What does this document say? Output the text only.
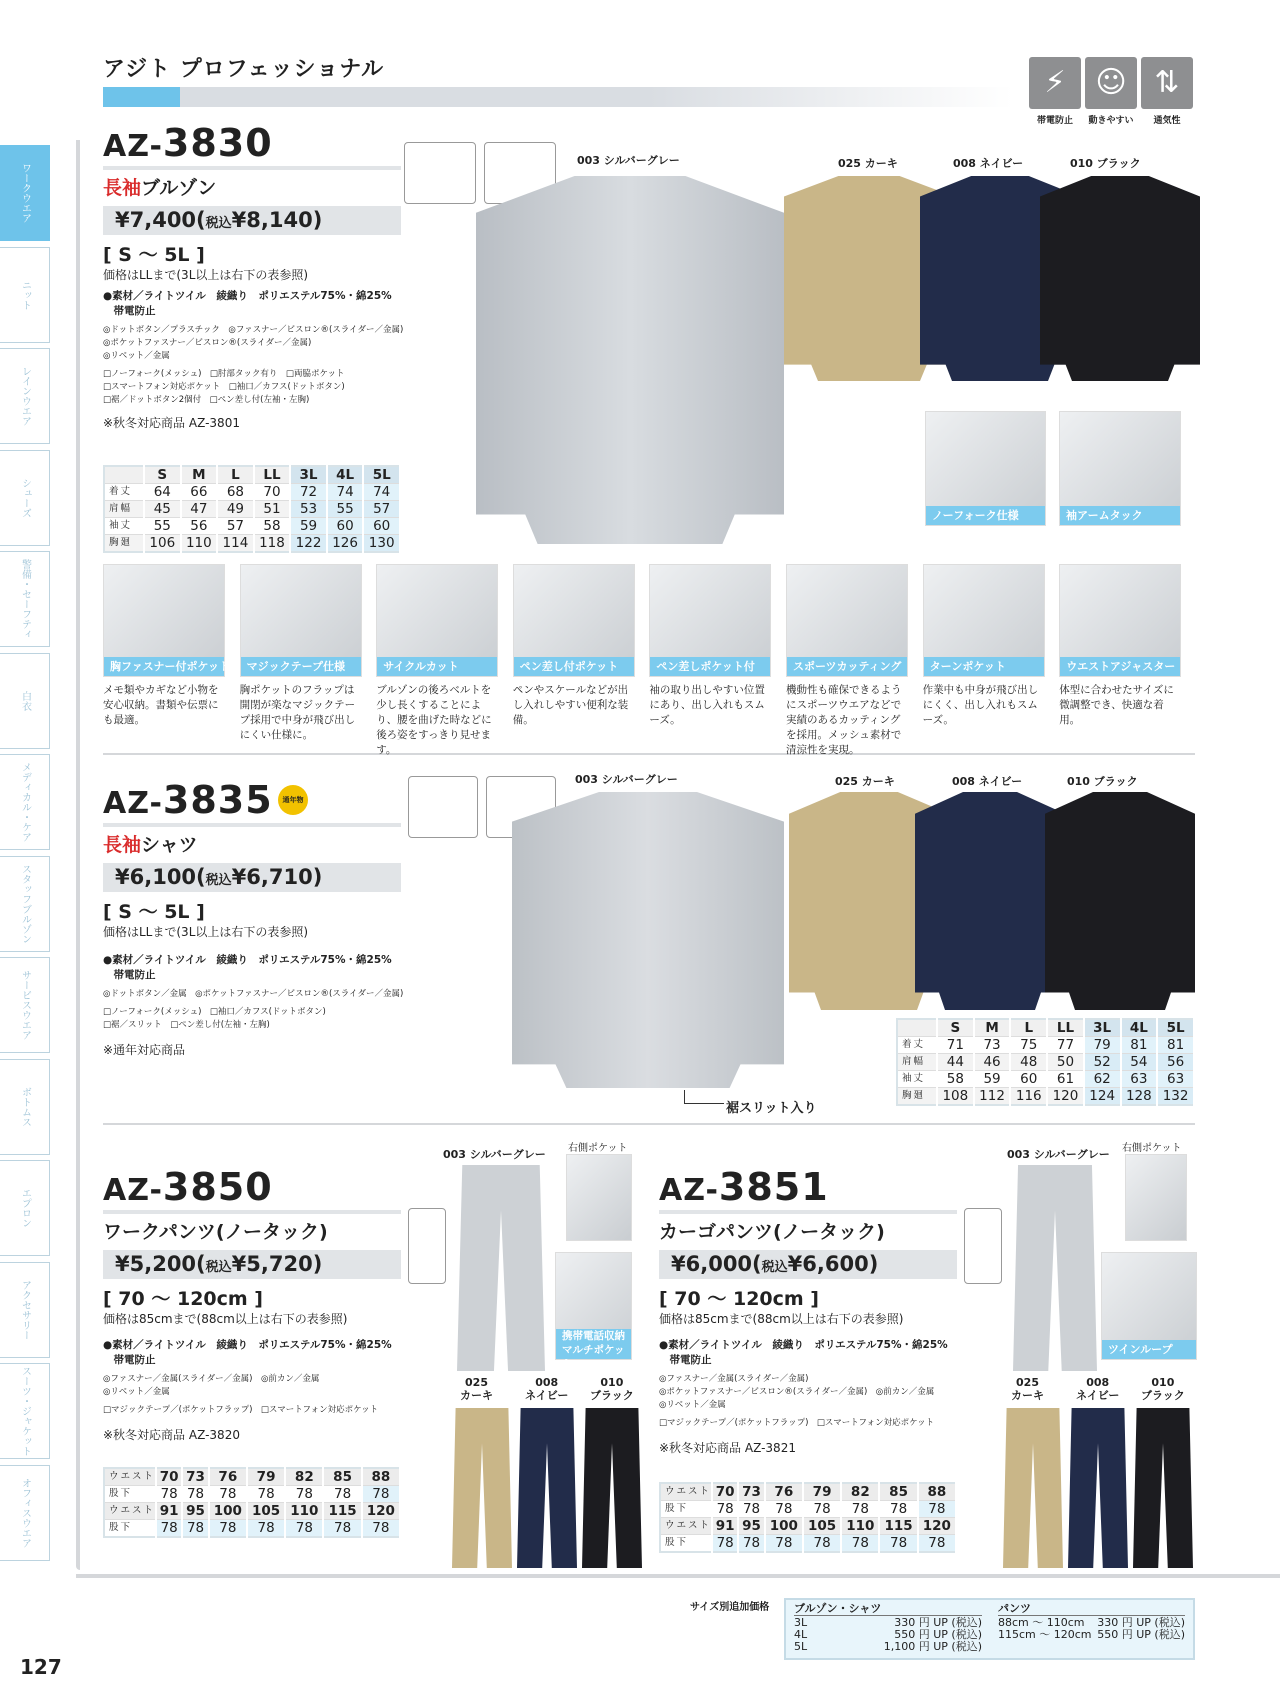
アジト プロフェッショナル	⚡
帯電防止
☺
動きやすい
⇅
通気性
ワークウエア
ニット
レインウエア
シューズ
警備・セーフティ
白衣
メディカル・ケア
スタッフブルゾン
サービスウエア
ボトムス
エプロン
アクセサリー
スーツ・ジャケット
オフィスウエア
AZ-3830
長袖ブルゾン
¥7,400(税込¥8,140)
[ S ～ 5L ]
価格はLLまで(3L以上は右下の表参照)
●素材／ライトツイル　綾織り　ポリエステル75%・綿25%
　帯電防止
◎ドットボタン／プラスチック　◎ファスナー／ビスロン®(スライダー／金属)
◎ポケットファスナー／ビスロン®(スライダー／金属)
◎リベット／金属
□ノーフォーク(メッシュ)　□肘部タック有り　□両脇ポケット
□スマートフォン対応ポケット　□袖口／カフス(ドットボタン)
□裾／ドットボタン2個付　□ペン差し付(左袖・左胸)
※秋冬対応商品 AZ-3801
	S	M	L	LL	3L	4L	5L
着丈	64	66	68	70	72	74	74
肩幅	45	47	49	51	53	55	57
袖丈	55	56	57	58	59	60	60
胸廻	106	110	114	118	122	126	130
003 シルバーグレー	025 カーキ	008 ネイビー	010 ブラック
ノーフォーク仕様	袖アームタック
胸ファスナー付ポケット
メモ類やカギなど小物を安心収納。書類や伝票にも最適。
マジックテープ仕様
胸ポケットのフラップは開閉が楽なマジックテープ採用で中身が飛び出しにくい仕様に。
サイクルカット
ブルゾンの後ろベルトを少し長くすることにより、腰を曲げた時などに後ろ姿をすっきり見せます。
ペン差し付ポケット
ペンやスケールなどが出し入れしやすい便利な装備。
ペン差しポケット付
袖の取り出しやすい位置にあり、出し入れもスムーズ。
スポーツカッティング
機動性も確保できるようにスポーツウエアなどで実績のあるカッティングを採用。メッシュ素材で清涼性を実現。
ターンポケット
作業中も中身が飛び出しにくく、出し入れもスムーズ。
ウエストアジャスター
体型に合わせたサイズに微調整でき、快適な着用。
AZ-3835
長袖シャツ
¥6,100(税込¥6,710)
[ S ～ 5L ]
価格はLLまで(3L以上は右下の表参照)
●素材／ライトツイル　綾織り　ポリエステル75%・綿25%
　帯電防止
◎ドットボタン／金属　◎ポケットファスナー／ビスロン®(スライダー／金属)
□ノーフォーク(メッシュ)　□袖口／カフス(ドットボタン)
□裾／スリット　□ペン差し付(左袖・左胸)
※通年対応商品
通年物
003 シルバーグレー
裾スリット入り
025 カーキ	008 ネイビー	010 ブラック
	S	M	L	LL	3L	4L	5L
着丈	71	73	75	77	79	81	81
肩幅	44	46	48	50	52	54	56
袖丈	58	59	60	61	62	63	63
胸廻	108	112	116	120	124	128	132
AZ-3850
ワークパンツ(ノータック)
¥5,200(税込¥5,720)
[ 70 ～ 120cm ]
価格は85cmまで(88cm以上は右下の表参照)
●素材／ライトツイル　綾織り　ポリエステル75%・綿25%
　帯電防止
◎ファスナー／金属(スライダー／金属)　◎前カン／金属
◎リベット／金属
□マジックテープ／(ポケットフラップ)　□スマートフォン対応ポケット
※秋冬対応商品 AZ-3820
ウエスト	70	73	76	79	82	85	88
股下	78	78	78	78	78	78	78
ウエスト	91	95	100	105	110	115	120
股下	78	78	78	78	78	78	78
003 シルバーグレー 右側ポケット
携帯電話収納マルチポケット
025
カーキ
008
ネイビー
010
ブラック
AZ-3851
カーゴパンツ(ノータック)
¥6,000(税込¥6,600)
[ 70 ～ 120cm ]
価格は85cmまで(88cm以上は右下の表参照)
●素材／ライトツイル　綾織り　ポリエステル75%・綿25%
　帯電防止
◎ファスナー／金属(スライダー／金属)
◎ポケットファスナー／ビスロン®(スライダー／金属)　◎前カン／金属
◎リベット／金属
□マジックテープ／(ポケットフラップ)　□スマートフォン対応ポケット
※秋冬対応商品 AZ-3821
ウエスト	70	73	76	79	82	85	88
股下	78	78	78	78	78	78	78
ウエスト	91	95	100	105	110	115	120
股下	78	78	78	78	78	78	78
003 シルバーグレー 右側ポケット
ツインループ
025
カーキ
008
ネイビー
010
ブラック
サイズ別追加価格 ブルゾン・シャツ
3L	330 円 UP (税込)
4L	550 円 UP (税込)
5L	1,100 円 UP (税込)
パンツ
88cm ～ 110cm 330 円 UP (税込)
115cm ～ 120cm 550 円 UP (税込)
127
